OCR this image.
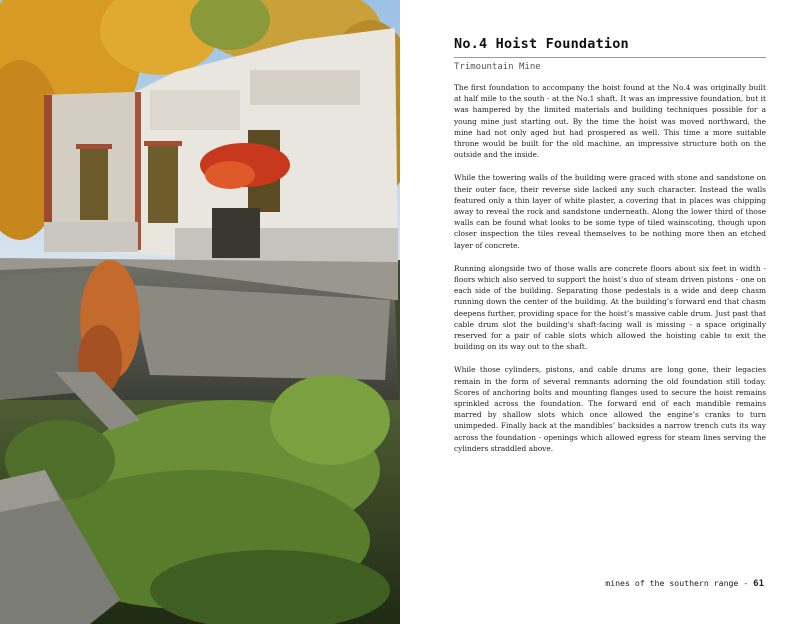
No.4 Hoist Foundation

Trimountain Mine

The first foundation to accompany the hoist found at the No.4 was originally built at half mile to the south - at the No.1 shaft. It was an impressive foundation, but it was hampered by the limited materials and building techniques possible for a young mine just starting out. By the time the hoist was moved northward, the mine had not only aged but had prospered as well. This time a more suitable throne would be built for the old machine, an impressive structure both on the outside and the inside.

While the towering walls of the building were graced with stone and sandstone on their outer face, their reverse side lacked any such character. Instead the walls featured only a thin layer of white plaster, a covering that in places was chipping away to reveal the rock and sandstone underneath. Along the lower third of those walls can be found what looks to be some type of tiled wainscoting, though upon closer inspection the tiles reveal themselves to be nothing more then an etched layer of concrete.

Running alongside two of those walls are concrete floors about six feet in width - floors which also served to support the hoist’s duo of steam driven pistons - one on each side of the building. Separating those pedestals is a wide and deep chasm running down the center of the building. At the building’s forward end that chasm deepens further, providing space for the hoist’s massive cable drum. Just past that cable drum slot the building’s shaft-facing wall is missing - a space originally reserved for a pair of cable slots which allowed the hoisting cable to exit the building on its way out to the shaft.

While those cylinders, pistons, and cable drums are long gone, their legacies remain in the form of several remnants adorning the old foundation still today. Scores of anchoring bolts and mounting flanges used to secure the hoist remains sprinkled across the foundation. The forward end of each mandible remains marred by shallow slots which once allowed the engine’s cranks to turn unimpeded. Finally back at the mandibles’ backsides a narrow trench cuts its way across the foundation - openings which allowed egress for steam lines serving the cylinders straddled above.

mines of the southern range - 61
